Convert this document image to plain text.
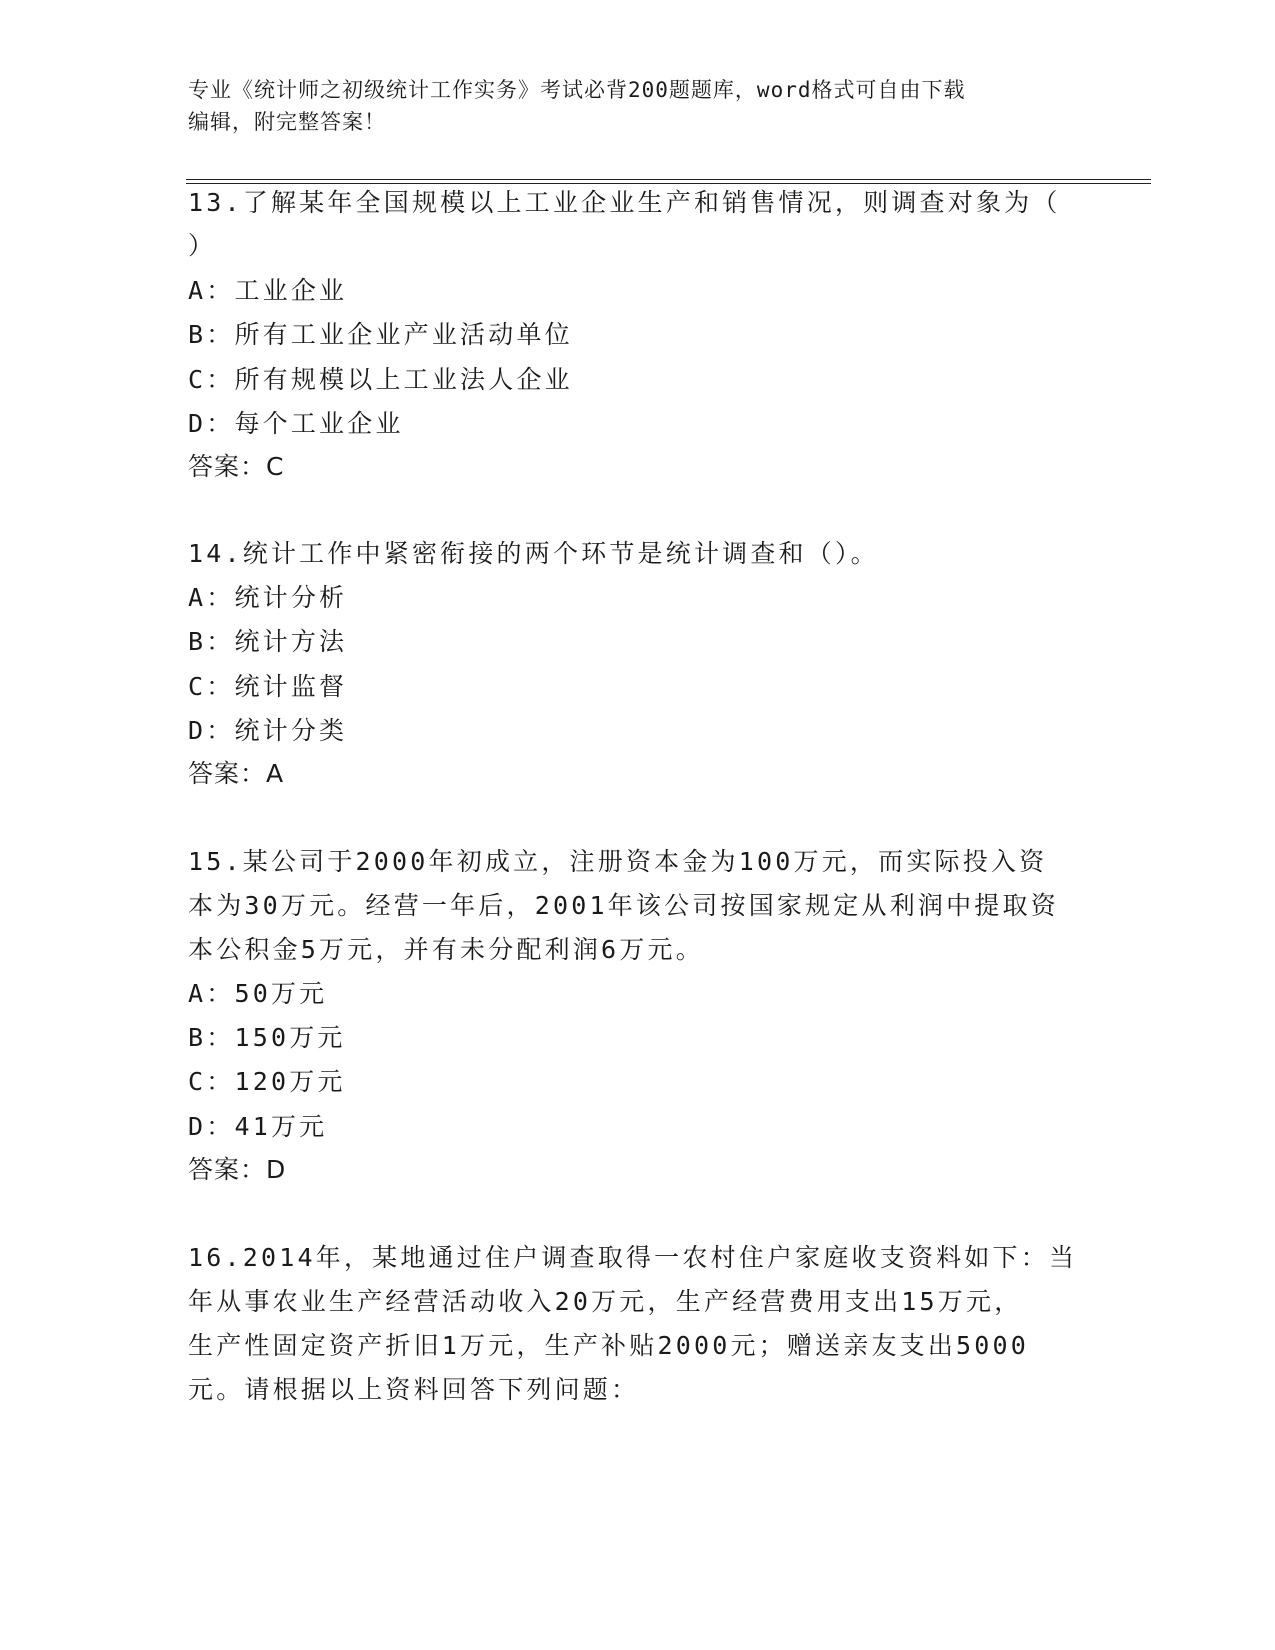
专业《统计师之初级统计工作实务》考试必背200题题库，word格式可自由下载
编辑，附完整答案！
13.了解某年全国规模以上工业企业生产和销售情况，则调查对象为（
）
A：工业企业
B：所有工业企业产业活动单位
C：所有规模以上工业法人企业
D：每个工业企业
答案：C
14.统计工作中紧密衔接的两个环节是统计调查和（）。
A：统计分析
B：统计方法
C：统计监督
D：统计分类
答案：A
15.某公司于2000年初成立，注册资本金为100万元，而实际投入资
本为30万元。经营一年后，2001年该公司按国家规定从利润中提取资
本公积金5万元，并有未分配利润6万元。
A：50万元
B：150万元
C：120万元
D：41万元
答案：D
16.2014年，某地通过住户调查取得一农村住户家庭收支资料如下：当
年从事农业生产经营活动收入20万元，生产经营费用支出15万元，
生产性固定资产折旧1万元，生产补贴2000元；赠送亲友支出5000
元。请根据以上资料回答下列问题：
